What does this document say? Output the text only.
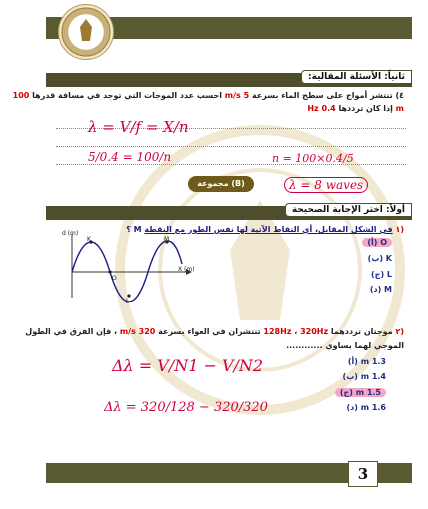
ثانياً: الأسئلة المقالية:
٤) تنتشر أمواج على سطح الماء بسرعة 5 m/s احسب عدد الموجات التي توجد في مسافة قدرها 100
m إذا كان ترددها 0.4 Hz
λ = V/f = X/n
5/0.4 = 100/n	n = 100×0.4/5
λ = 8 waves
مجموعة (B)
أولاً: اختر الإجابة الصحيحة
(١ في الشكل المقابل، أي النقاط الآتية لها نفس الطور مع النقطة M ؟
d (m)
X (m)
K
O
M
L
O (أ)
K (ب)
L (ج)
M (د)
(٢ موجتان ترددهما 128Hz ، 320Hz تنتشران في العواء بسرعة 320 m/s ، فإن الفرق في الطول
الموجي لهما يساوي ............
1.3 m (أ)
1.4 m (ب)
1.5 m (ج)
1.6 m (د)
Δλ = V/N1 − V/N2
Δλ = 320/128 − 320/320
3
